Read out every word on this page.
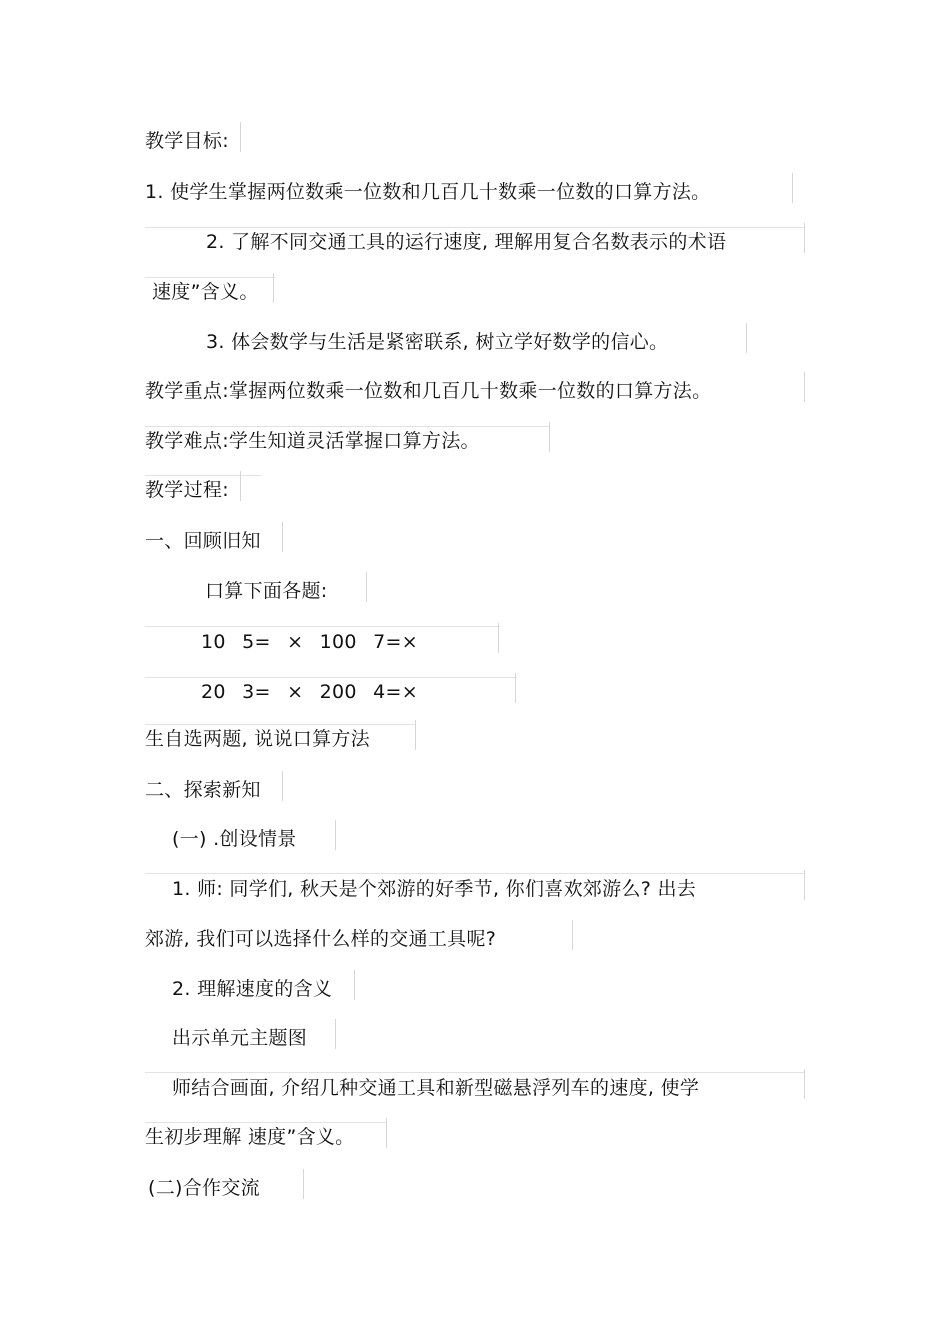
教学目标:
1. 使学生掌握两位数乘一位数和几百几十数乘一位数的口算方法。
2. 了解不同交通工具的运行速度, 理解用复合名数表示的术语
速度”含义。
3. 体会数学与生活是紧密联系, 树立学好数学的信心。
教学重点:掌握两位数乘一位数和几百几十数乘一位数的口算方法。
教学难点:学生知道灵活掌握口算方法。
教学过程:
一、回顾旧知
口算下面各题:
10 5= × 100 7=×
20 3= × 200 4=×
生自选两题, 说说口算方法
二、探索新知
(一) .创设情景
1. 师: 同学们, 秋天是个郊游的好季节, 你们喜欢郊游么? 出去
郊游, 我们可以选择什么样的交通工具呢?
2. 理解速度的含义
出示单元主题图
师结合画面, 介绍几种交通工具和新型磁悬浮列车的速度, 使学
生初步理解 速度”含义。
(二)合作交流
